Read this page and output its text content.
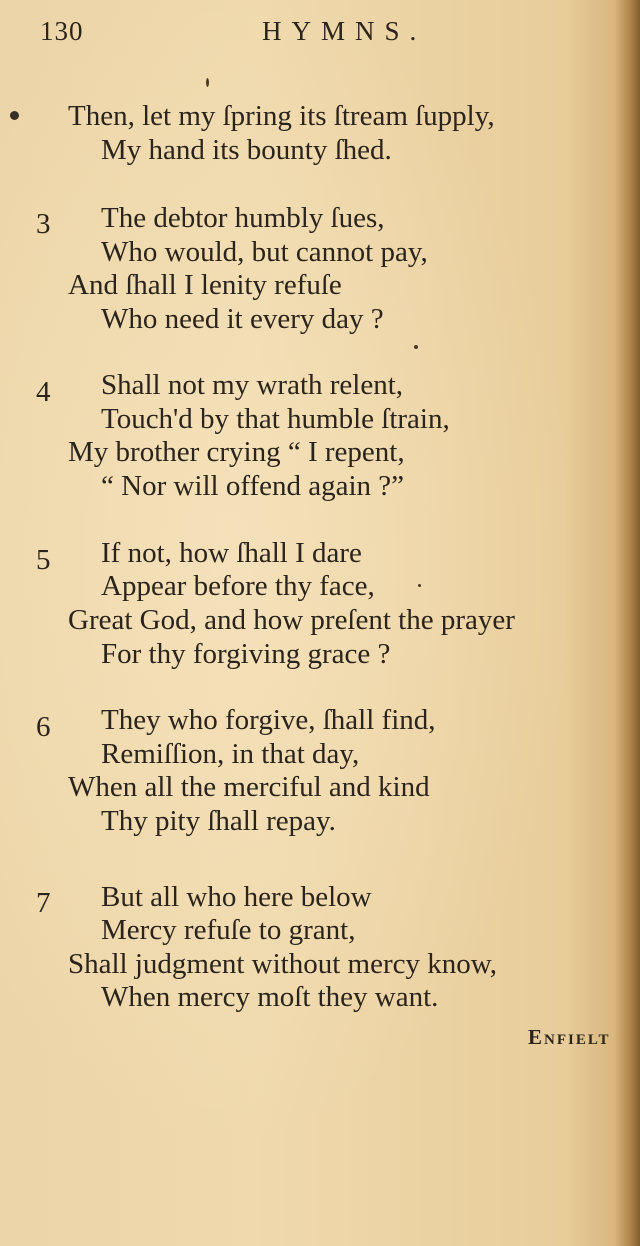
130	HYMNS.
Then, let my ſpring its ſtream ſupply,
My hand its bounty ſhed.
3 The debtor humbly ſues,
Who would, but cannot pay,
And ſhall I lenity refuſe
Who need it every day ?
4 Shall not my wrath relent,
Touch'd by that humble ſtrain,
My brother crying “ I repent,
“ Nor will offend again ?”
5 If not, how ſhall I dare
Appear before thy face,
Great God, and how preſent the prayer
For thy forgiving grace ?
6 They who forgive, ſhall find,
Remiſſion, in that day,
When all the merciful and kind
Thy pity ſhall repay.
7 But all who here below
Mercy refuſe to grant,
Shall judgment without mercy know,
When mercy moſt they want.
Enfielt
